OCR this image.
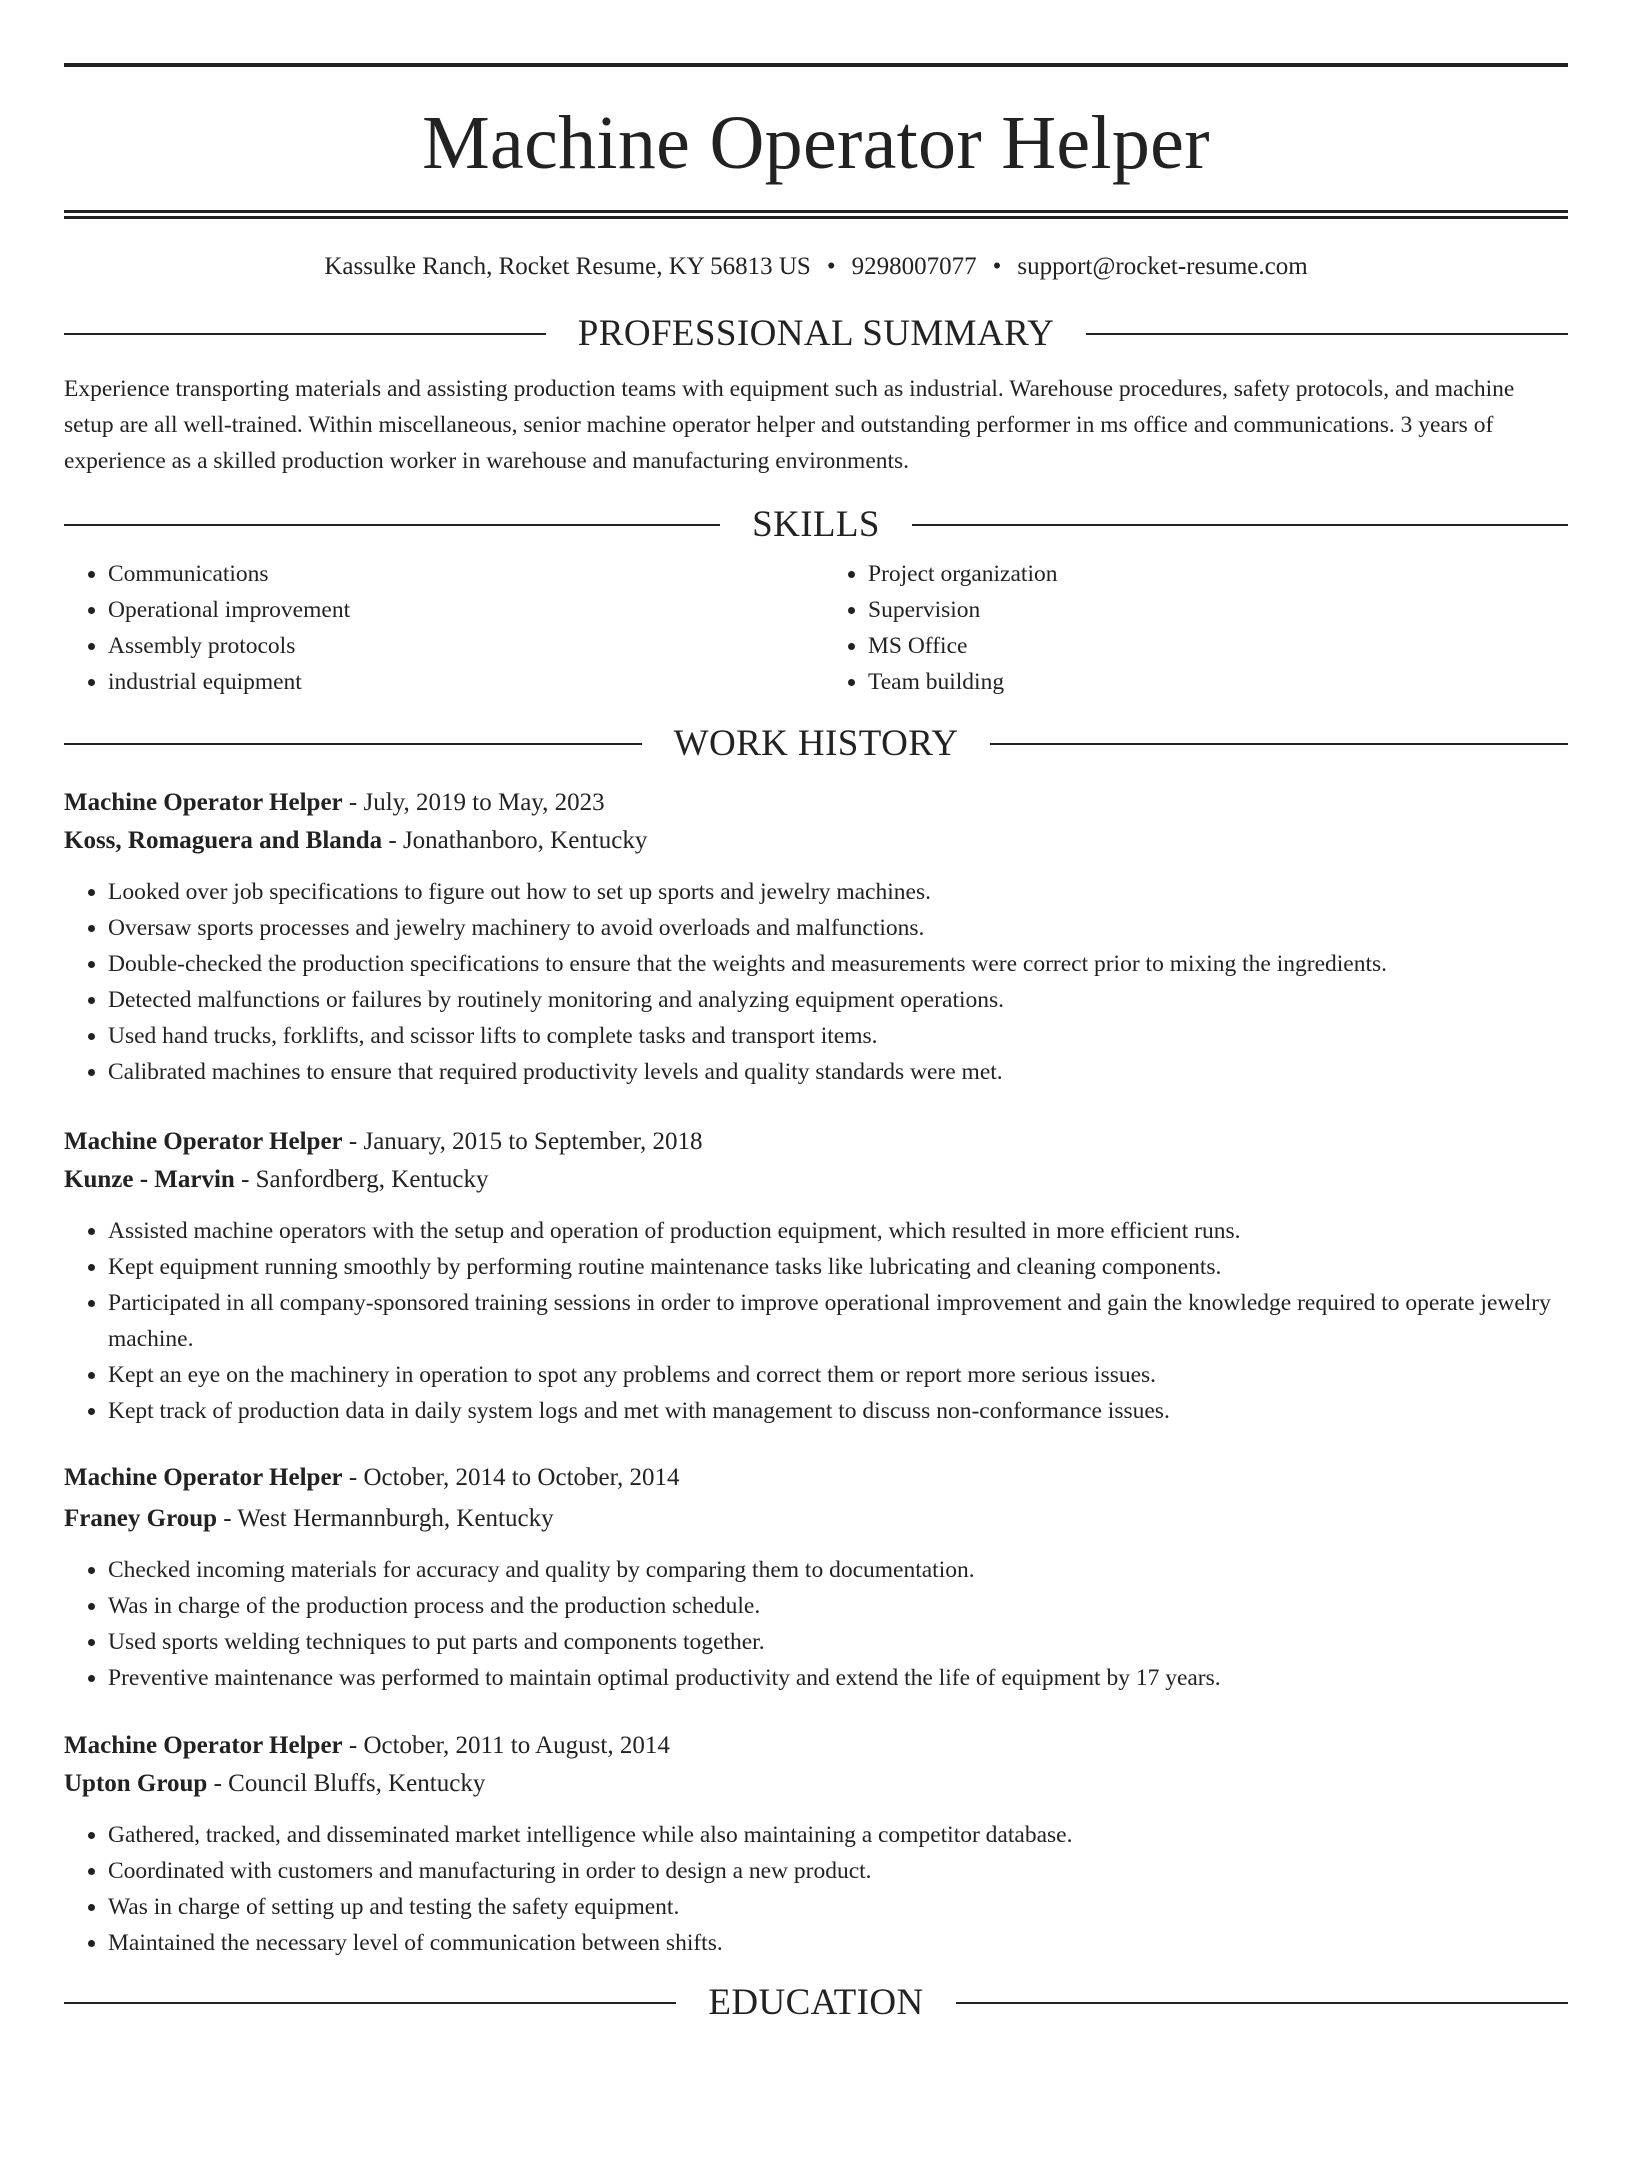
Machine Operator Helper
Kassulke Ranch, Rocket Resume, KY 56813 US • 9298007077 • support@rocket-resume.com
PROFESSIONAL SUMMARY
Experience transporting materials and assisting production teams with equipment such as industrial. Warehouse procedures, safety protocols, and machine setup are all well-trained. Within miscellaneous, senior machine operator helper and outstanding performer in ms office and communications. 3 years of experience as a skilled production worker in warehouse and manufacturing environments.
SKILLS
• Communications
• Operational improvement
• Assembly protocols
• industrial equipment
• Project organization
• Supervision
• MS Office
• Team building
WORK HISTORY
Machine Operator Helper - July, 2019 to May, 2023
Koss, Romaguera and Blanda - Jonathanboro, Kentucky
• Looked over job specifications to figure out how to set up sports and jewelry machines.
• Oversaw sports processes and jewelry machinery to avoid overloads and malfunctions.
• Double-checked the production specifications to ensure that the weights and measurements were correct prior to mixing the ingredients.
• Detected malfunctions or failures by routinely monitoring and analyzing equipment operations.
• Used hand trucks, forklifts, and scissor lifts to complete tasks and transport items.
• Calibrated machines to ensure that required productivity levels and quality standards were met.
Machine Operator Helper - January, 2015 to September, 2018
Kunze - Marvin - Sanfordberg, Kentucky
• Assisted machine operators with the setup and operation of production equipment, which resulted in more efficient runs.
• Kept equipment running smoothly by performing routine maintenance tasks like lubricating and cleaning components.
• Participated in all company-sponsored training sessions in order to improve operational improvement and gain the knowledge required to operate jewelry machine.
• Kept an eye on the machinery in operation to spot any problems and correct them or report more serious issues.
• Kept track of production data in daily system logs and met with management to discuss non-conformance issues.
Machine Operator Helper - October, 2014 to October, 2014
Franey Group - West Hermannburgh, Kentucky
• Checked incoming materials for accuracy and quality by comparing them to documentation.
• Was in charge of the production process and the production schedule.
• Used sports welding techniques to put parts and components together.
• Preventive maintenance was performed to maintain optimal productivity and extend the life of equipment by 17 years.
Machine Operator Helper - October, 2011 to August, 2014
Upton Group - Council Bluffs, Kentucky
• Gathered, tracked, and disseminated market intelligence while also maintaining a competitor database.
• Coordinated with customers and manufacturing in order to design a new product.
• Was in charge of setting up and testing the safety equipment.
• Maintained the necessary level of communication between shifts.
EDUCATION
